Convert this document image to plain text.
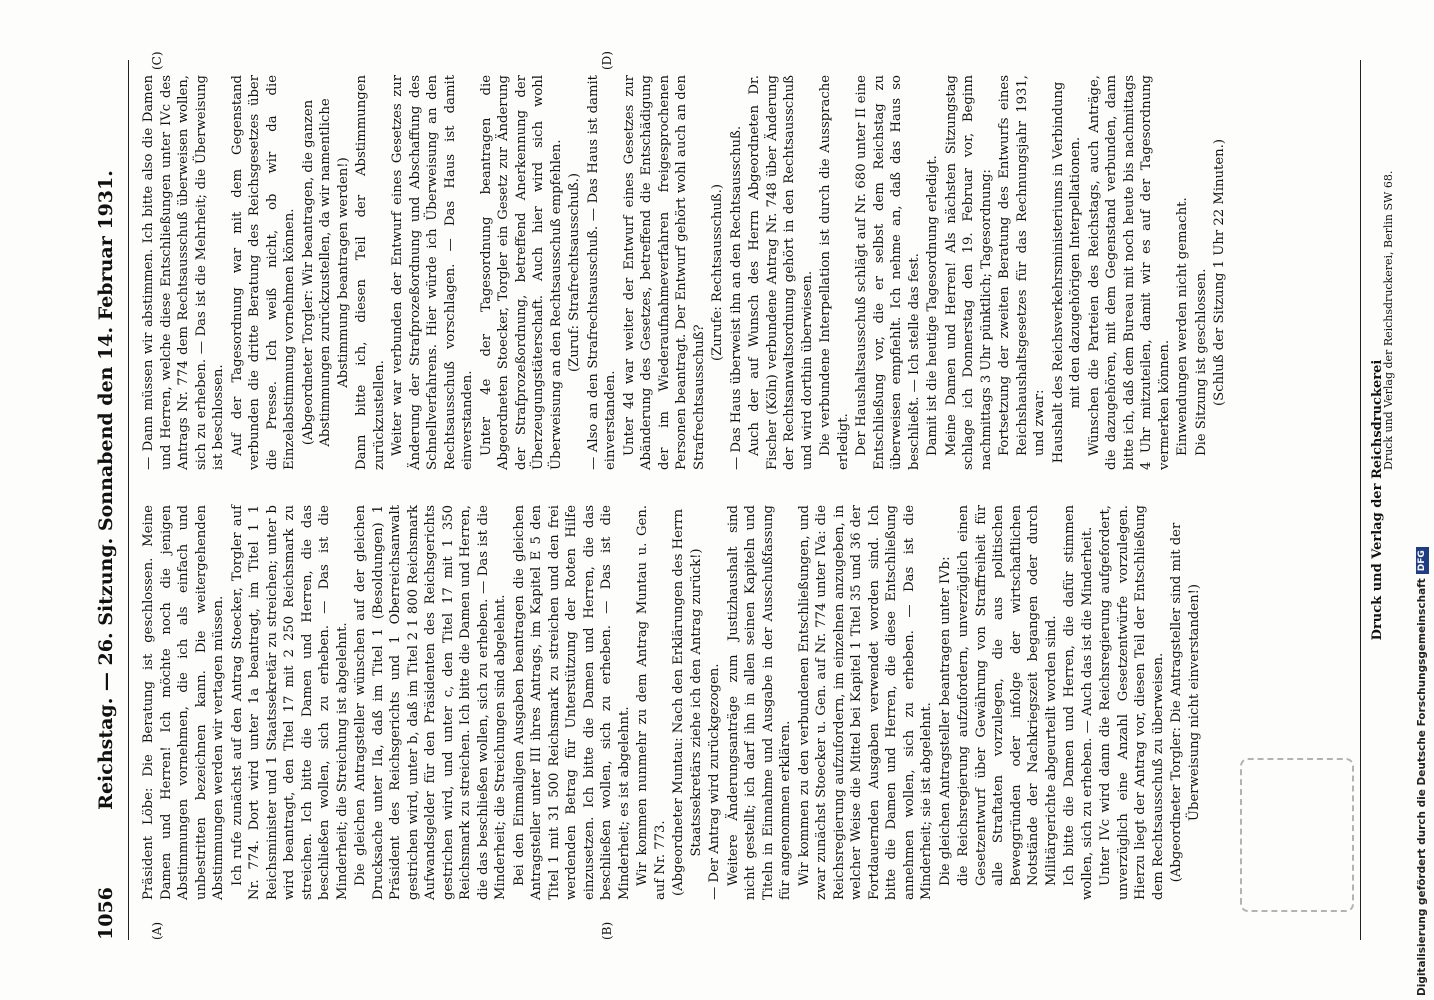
1056
Reichstag. — 26. Sitzung. Sonnabend den 14. Februar 1931.
(A)	(B)
(C)	(D)

Präsident Löbe: Die Beratung ist geschlossen. Meine Damen und Herren! Ich möchte noch die jenigen Abstimmungen vornehmen, die ich als einfach und unbestritten bezeichnen kann. Die weitergehenden Abstimmungen werden wir vertagen müssen. Ich rufe zunächst auf den Antrag Stoecker, Torgler auf Nr. 774. Dort wird unter 1a beantragt, im Titel 1 1 Reichsminister und 1 Staatssekretär zu streichen; unter b wird beantragt, den Titel 17 mit 2 250 Reichsmark zu streichen. Ich bitte die Damen und Herren, die das beschließen wollen, sich zu erheben. — Das ist die Minderheit; die Streichung ist abgelehnt. Die gleichen Antragsteller wünschen auf der gleichen Drucksache unter IIa, daß im Titel 1 (Besoldungen) 1 Präsident des Reichsgerichts und 1 Oberreichsanwalt gestrichen wird, unter b, daß im Titel 2 1 800 Reichsmark Aufwandsgelder für den Präsidenten des Reichsgerichts gestrichen wird, und unter c, den Titel 17 mit 1 350 Reichsmark zu streichen. Ich bitte die Damen und Herren, die das beschließen wollen, sich zu erheben. — Das ist die Minderheit; die Streichungen sind abgelehnt. Bei den Einmaligen Ausgaben beantragen die gleichen Antragsteller unter III ihres Antrags, im Kapitel E 5 den Titel 1 mit 31 500 Reichsmark zu streichen und den frei werdenden Betrag für Unterstützung der Roten Hilfe einzusetzen. Ich bitte die Damen und Herren, die das beschließen wollen, sich zu erheben. — Das ist die Minderheit; es ist abgelehnt. Wir kommen nunmehr zu dem Antrag Muntau u. Gen. auf Nr. 773. (Abgeordneter Muntau: Nach den Erklärungen des Herrn Staatssekretärs ziehe ich den Antrag zurück!) — Der Antrag wird zurückgezogen. Weitere Änderungsanträge zum Justizhaushalt sind nicht gestellt; ich darf ihn in allen seinen Kapiteln und Titeln in Einnahme und Ausgabe in der Ausschußfassung für angenommen erklären. Wir kommen zu den verbundenen Entschließungen, und zwar zunächst Stoecker u. Gen. auf Nr. 774 unter IVa: die Reichsregierung aufzufordern, im einzelnen anzugeben, in welcher Weise die Mittel bei Kapitel 1 Titel 35 und 36 der Fortdauernden Ausgaben verwendet worden sind. Ich bitte die Damen und Herren, die diese Entschließung annehmen wollen, sich zu erheben. — Das ist die Minderheit; sie ist abgelehnt. Die gleichen Antragsteller beantragen unter IVb: die Reichsregierung aufzufordern, unverzüglich einen Gesetzentwurf über Gewährung von Straffreiheit für alle Straftaten vorzulegen, die aus politischen Beweggründen oder infolge der wirtschaftlichen Notstände der Nachkriegszeit begangen oder durch Militärgerichte abgeurteilt worden sind. Ich bitte die Damen und Herren, die dafür stimmen wollen, sich zu erheben. — Auch das ist die Minderheit. Unter IVc wird dann die Reichsregierung aufgefordert, unverzüglich eine Anzahl Gesetzentwürfe vorzulegen. Hierzu liegt der Antrag vor, diesen Teil der Entschließung dem Rechtsausschuß zu überweisen. (Abgeordneter Torgler: Die Antragsteller sind mit der Überweisung nicht einverstanden!)

— Dann müssen wir abstimmen. Ich bitte also die Damen und Herren, welche diese Entschließungen unter IVc des Antrags Nr. 774 dem Rechtsausschuß überweisen wollen, sich zu erheben. — Das ist die Mehrheit; die Überweisung ist beschlossen. Auf der Tagesordnung war mit dem Gegenstand verbunden die dritte Beratung des Reichsgesetzes über die Presse. Ich weiß nicht, ob wir da die Einzelabstimmung vornehmen können. (Abgeordneter Torgler: Wir beantragen, die ganzen Abstimmungen zurückzustellen, da wir namentliche Abstimmung beantragen werden!) Dann bitte ich, diesen Teil der Abstimmungen zurückzustellen. Weiter war verbunden der Entwurf eines Gesetzes zur Änderung der Strafprozeßordnung und Abschaffung des Schnellverfahrens. Hier würde ich Überweisung an den Rechtsausschuß vorschlagen. — Das Haus ist damit einverstanden. Unter 4e der Tagesordnung beantragen die Abgeordneten Stoecker, Torgler ein Gesetz zur Änderung der Strafprozeßordnung, betreffend Anerkennung der Überzeugungstäterschaft. Auch hier wird sich wohl Überweisung an den Rechtsausschuß empfehlen. (Zuruf: Strafrechtsausschuß.) — Also an den Strafrechtsausschuß. — Das Haus ist damit einverstanden. Unter 4d war weiter der Entwurf eines Gesetzes zur Abänderung des Gesetzes, betreffend die Entschädigung der im Wiederaufnahmeverfahren freigesprochenen Personen beantragt. Der Entwurf gehört wohl auch an den Strafrechtsausschuß?

(Zurufe: Rechtsausschuß.) — Das Haus überweist ihn an den Rechtsausschuß. Auch der auf Wunsch des Herrn Abgeordneten Dr. Fischer (Köln) verbundene Antrag Nr. 748 über Änderung der Rechtsanwaltsordnung gehört in den Rechtsausschuß und wird dorthin überwiesen. Die verbundene Interpellation ist durch die Aussprache erledigt. Der Haushaltsausschuß schlägt auf Nr. 680 unter II eine Entschließung vor, die er selbst dem Reichstag zu überweisen empfiehlt. Ich nehme an, daß das Haus so beschließt. — Ich stelle das fest. Damit ist die heutige Tagesordnung erledigt. Meine Damen und Herren! Als nächsten Sitzungstag schlage ich Donnerstag den 19. Februar vor, Beginn nachmittags 3 Uhr pünktlich; Tagesordnung: Fortsetzung der zweiten Beratung des Entwurfs eines Reichshaushaltsgesetzes für das Rechnungsjahr 1931, und zwar: Haushalt des Reichsverkehrsministeriums in Verbindung mit den dazugehörigen Interpellationen. Wünschen die Parteien des Reichstags, auch Anträge, die dazugehören, mit dem Gegenstand verbunden, dann bitte ich, daß dem Bureau mit noch heute bis nachmittags 4 Uhr mitzuteilen, damit wir es auf der Tagesordnung vermerken können. Einwendungen werden nicht gemacht. Die Sitzung ist geschlossen. (Schluß der Sitzung 1 Uhr 22 Minuten.)

Druck und Verlag der Reichsdruckerei
Druck und Verlag der Reichsdruckerei, Berlin SW 68.
Digitalisierung gefördert durch die Deutsche ForschungsgemeinschaftDFG
